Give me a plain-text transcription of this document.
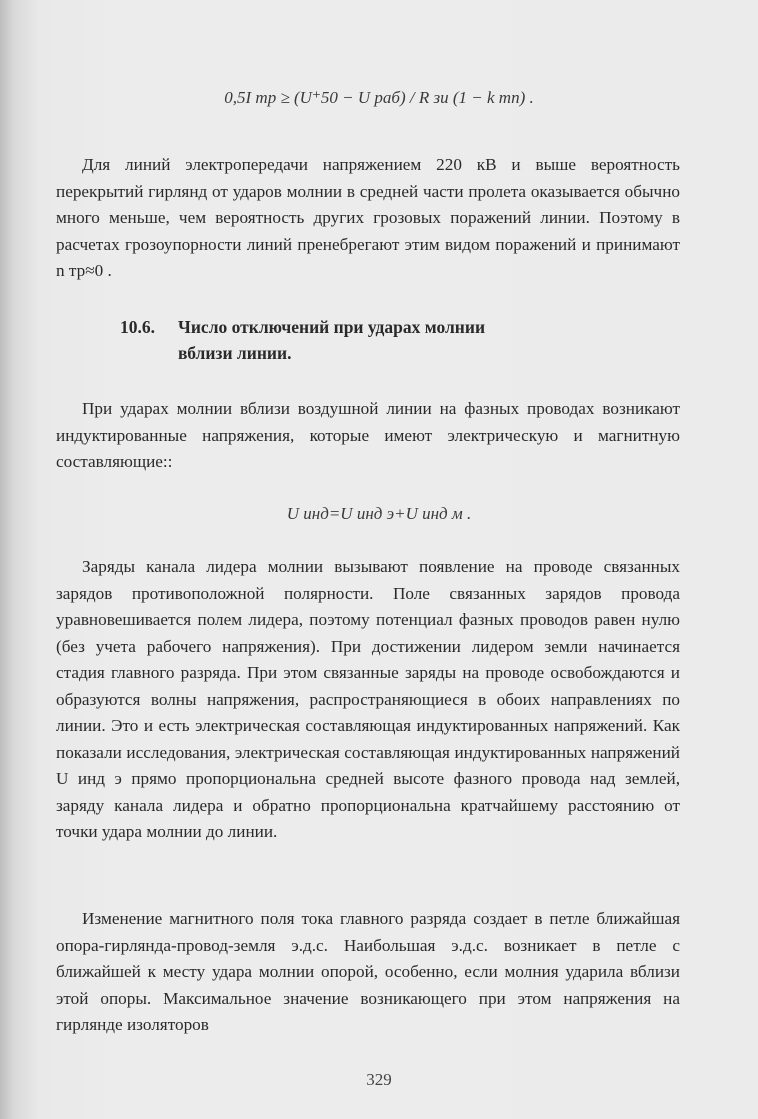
0,5I тр ≥ (U⁺50 − U раб) / R зи (1 − k тп) .
Для линий электропередачи напряжением 220 кВ и выше вероятность перекрытий гирлянд от ударов молнии в средней части пролета оказывается обычно много меньше, чем вероятность других грозовых поражений линии. Поэтому в расчетах грозоупорности линий пренебрегают этим видом поражений и принимают n тр≈0 .
10.6. Число отключений при ударах молнии
вблизи линии.
При ударах молнии вблизи воздушной линии на фазных проводах возникают индуктированные напряжения, которые имеют электрическую и магнитную составляющие::
U инд=U инд э+U инд м .
Заряды канала лидера молнии вызывают появление на проводе связанных зарядов противоположной полярности. Поле связанных зарядов провода уравновешивается полем лидера, поэтому потенциал фазных проводов равен нулю (без учета рабочего напряжения). При достижении лидером земли начинается стадия главного разряда. При этом связанные заряды на проводе освобождаются и образуются волны напряжения, распространяющиеся в обоих направлениях по линии. Это и есть электрическая составляющая индуктированных напряжений. Как показали исследования, электрическая составляющая индуктированных напряжений U инд э прямо пропорциональна средней высоте фазного провода над землей, заряду канала лидера и обратно пропорциональна кратчайшему расстоянию от точки удара молнии до линии.
Изменение магнитного поля тока главного разряда создает в петле ближайшая опора-гирлянда-провод-земля э.д.с. Наибольшая э.д.с. возникает в петле с ближайшей к месту удара молнии опорой, особенно, если молния ударила вблизи этой опоры. Максимальное значение возникающего при этом напряжения на гирлянде изоляторов
329
